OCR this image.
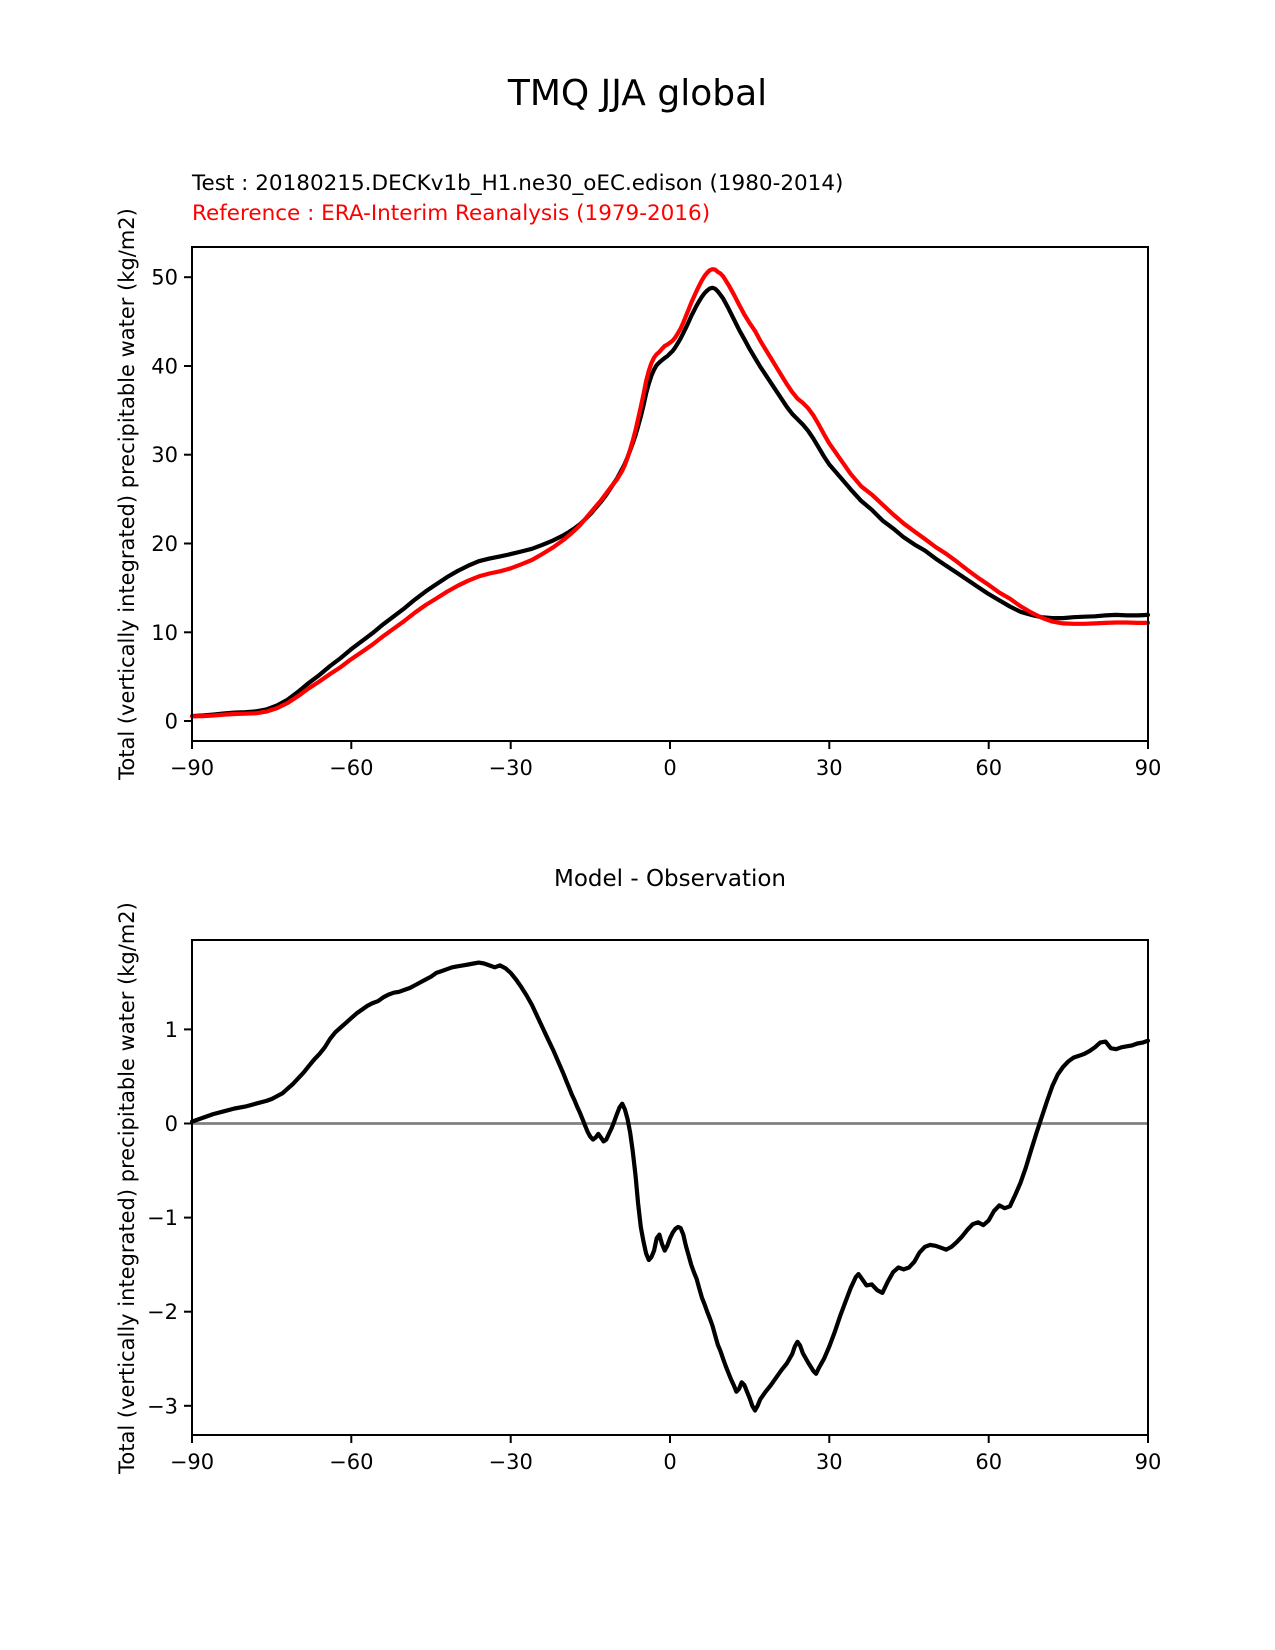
TMQ JJA global
Test : 20180215.DECKv1b_H1.ne30_oEC.edison (1980-2014)
Reference : ERA-Interim Reanalysis (1979-2016)
Model - Observation
Total (vertically integrated) precipitable water (kg/m2)
Total (vertically integrated) precipitable water (kg/m2)
−90	−60	−30	0	30	60	90
0
10
20
30
40
50
−90	−60	−30	0	30	60	90
1
0
−1
−2
−3
